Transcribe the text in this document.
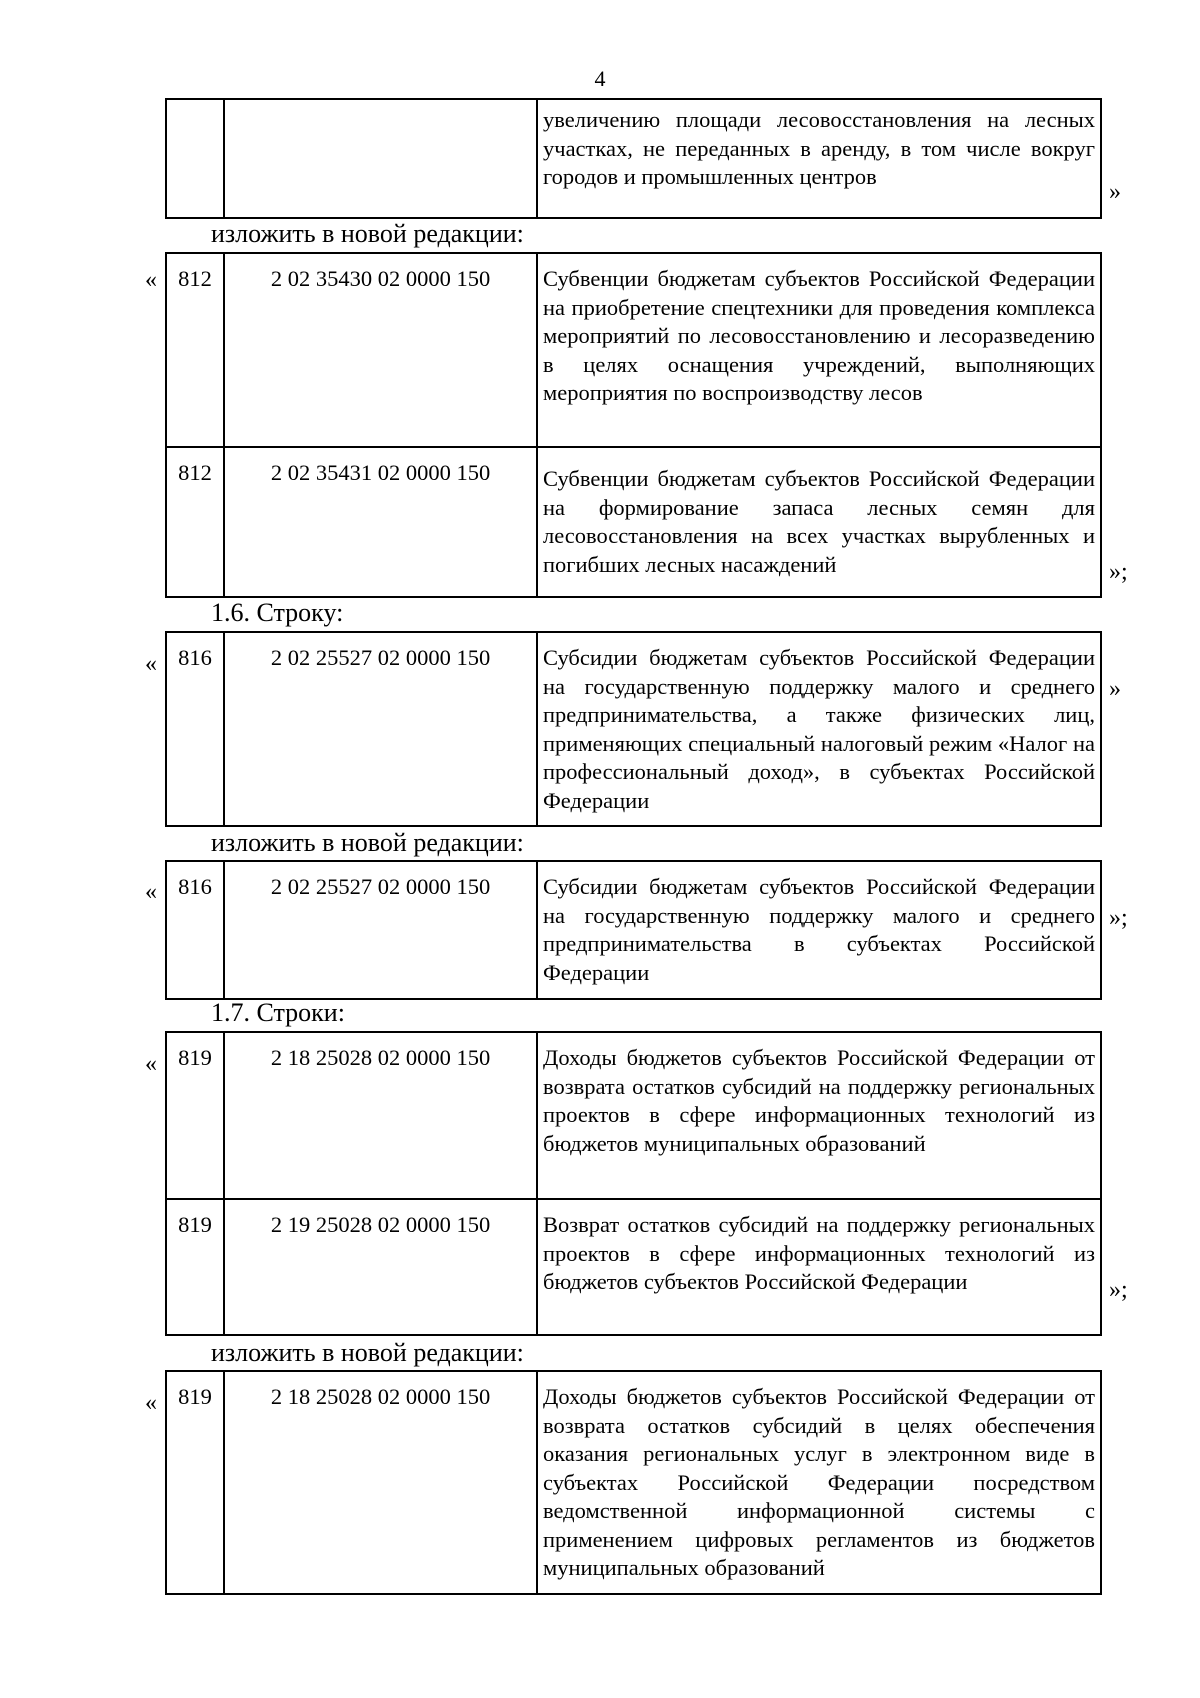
4
		увеличению площади лесовосстановления на лесных участках, не переданных в аренду, в том числе вокруг городов и промышленных центров
»
изложить в новой редакции:
« 812	2 02 35430 02 0000 150	Субвенции бюджетам субъектов Российской Федерации на приобретение спецтехники для проведения комплекса мероприятий по лесовосстановлению и лесоразведению в целях оснащения учреждений, выполняющих мероприятия по воспроизводству лесов
812	2 02 35431 02 0000 150	Субвенции бюджетам субъектов Российской Федерации на формирование запаса лесных семян для лесовосстановления на всех участках вырубленных и погибших лесных насаждений	»;
1.6. Строку:
« 816	2 02 25527 02 0000 150	Субсидии бюджетам субъектов Российской Федерации на государственную поддержку малого и среднего предпринимательства, а также физических лиц, применяющих специальный налоговый режим «Налог на профессиональный доход», в субъектах Российской Федерации
»
изложить в новой редакции:
« 816	2 02 25527 02 0000 150	Субсидии бюджетам субъектов Российской Федерации на государственную поддержку малого и среднего предпринимательства в субъектах Российской Федерации
»;
1.7. Строки:
« 819	2 18 25028 02 0000 150	Доходы бюджетов субъектов Российской Федерации от возврата остатков субсидий на поддержку региональных проектов в сфере информационных технологий из бюджетов муниципальных образований
819	2 19 25028 02 0000 150	Возврат остатков субсидий на поддержку региональных проектов в сфере информационных технологий из бюджетов субъектов Российской Федерации	»;
изложить в новой редакции:
« 819	2 18 25028 02 0000 150	Доходы бюджетов субъектов Российской Федерации от возврата остатков субсидий в целях обеспечения оказания региональных услуг в электронном виде в субъектах Российской Федерации посредством ведомственной информационной системы с применением цифровых регламентов из бюджетов муниципальных образований
